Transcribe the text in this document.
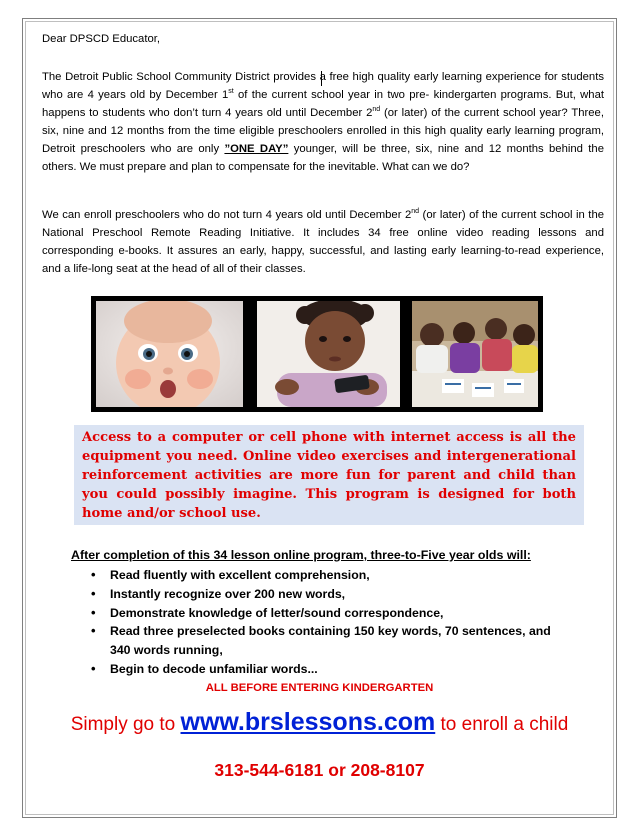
Dear DPSCD Educator,
The Detroit Public School Community District provides a free high quality early learning experience for students who are 4 years old by December 1st of the current school year in two pre- kindergarten programs. But, what happens to students who don’t turn 4 years old until December 2nd (or later) of the current school year? Three, six, nine and 12 months from the time eligible preschoolers enrolled in this high quality early learning program, Detroit preschoolers who are only ”ONE DAY” younger, will be three, six, nine and 12 months behind the others. We must prepare and plan to compensate for the inevitable. What can we do?
We can enroll preschoolers who do not turn 4 years old until December 2nd (or later) of the current school in the National Preschool Remote Reading Initiative. It includes 34 free online video reading lessons and corresponding e-books. It assures an early, happy, successful, and lasting early learning-to-read experience, and a life-long seat at the head of all of their classes.
Access to a computer or cell phone with internet access is all the equipment you need. Online video exercises and intergenerational reinforcement activities are more fun for parent and child than you could possibly imagine. This program is designed for both home and/or school use.
After completion of this 34 lesson online program, three-to-Five year olds will:
• Read fluently with excellent comprehension,
• Instantly recognize over 200 new words,
• Demonstrate knowledge of letter/sound correspondence,
• Read three preselected books containing 150 key words, 70 sentences, and 340 words running,
• Begin to decode unfamiliar words...
ALL BEFORE ENTERING KINDERGARTEN
Simply go to www.brslessons.com to enroll a child
313-544-6181 or 208-8107
